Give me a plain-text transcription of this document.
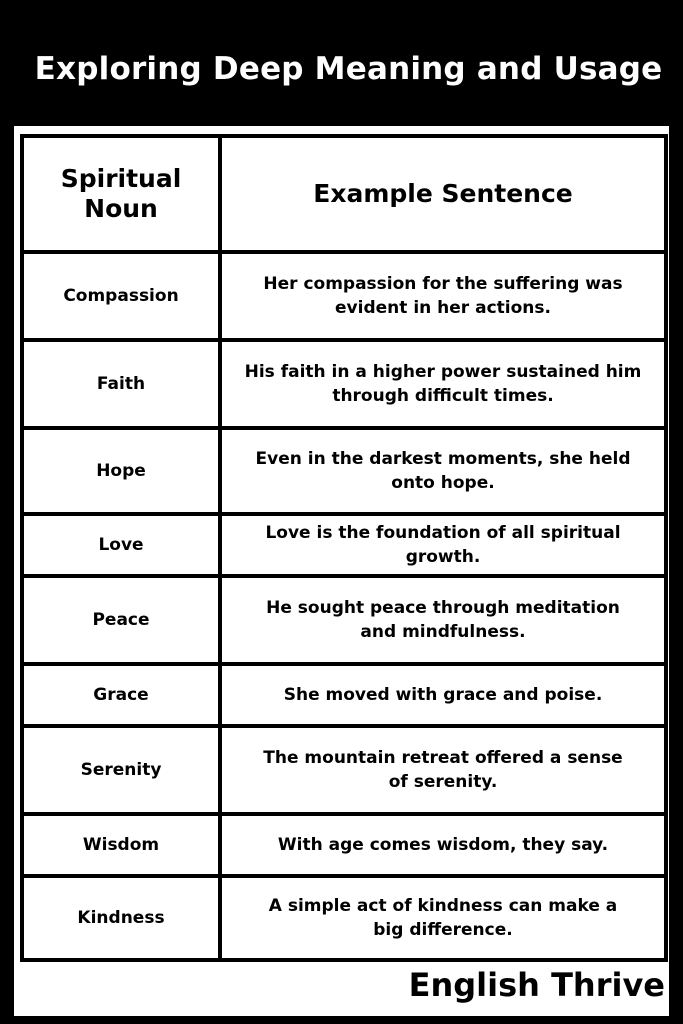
Exploring Deep Meaning and Usage
Spiritual Noun	Example Sentence
Compassion	Her compassion for the suffering was evident in her actions.
Faith	His faith in a higher power sustained him through difficult times.
Hope	Even in the darkest moments, she held onto hope.
Love	Love is the foundation of all spiritual growth.
Peace	He sought peace through meditation and mindfulness.
Grace	She moved with grace and poise.
Serenity	The mountain retreat offered a sense of serenity.
Wisdom	With age comes wisdom, they say.
Kindness	A simple act of kindness can make a big difference.
English Thrive
